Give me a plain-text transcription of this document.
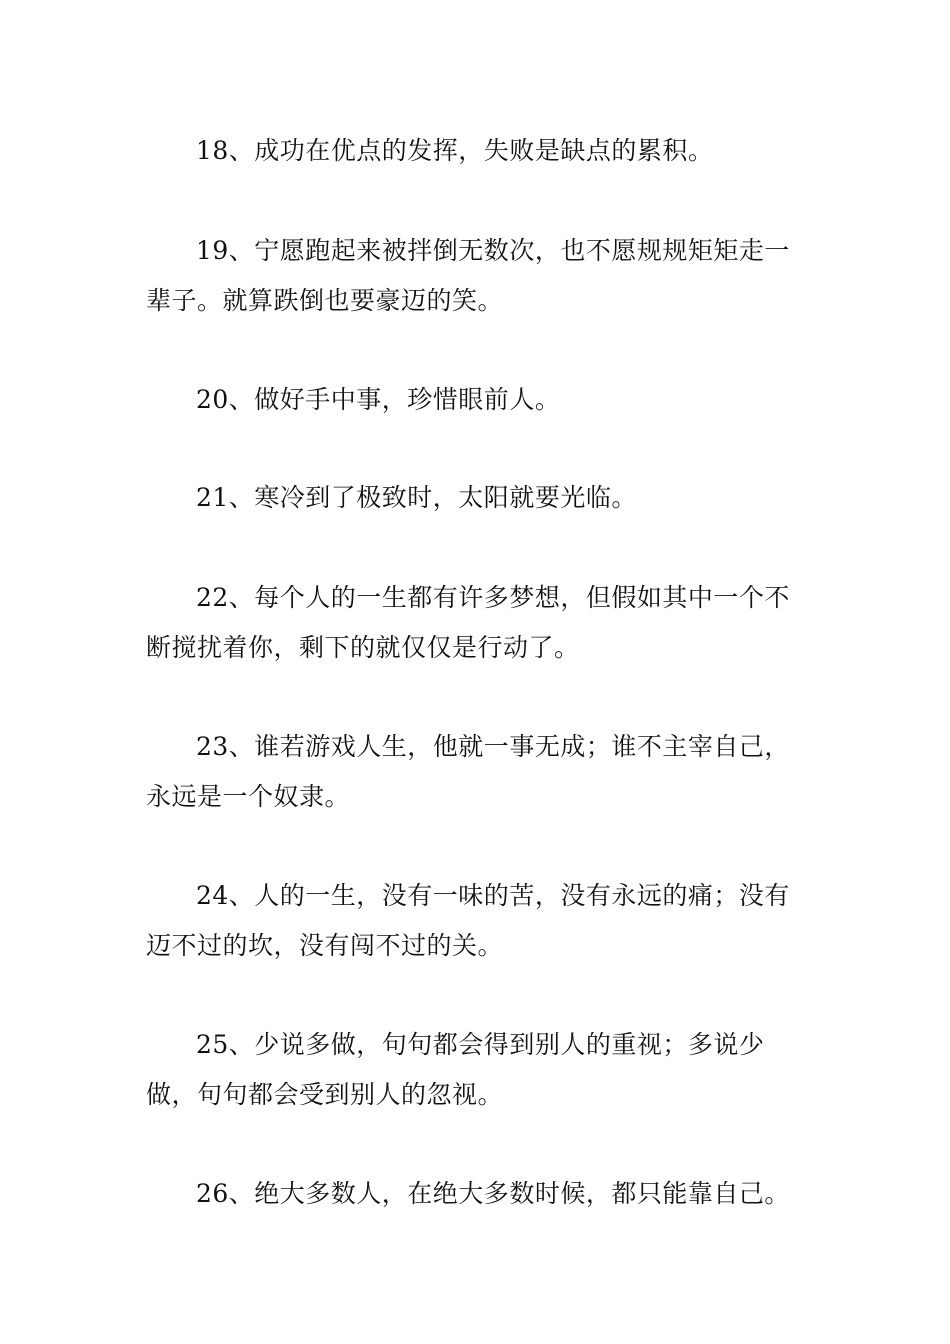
18、成功在优点的发挥，失败是缺点的累积。

19、宁愿跑起来被拌倒无数次，也不愿规规矩矩走一辈子。就算跌倒也要豪迈的笑。

20、做好手中事，珍惜眼前人。

21、寒冷到了极致时，太阳就要光临。

22、每个人的一生都有许多梦想，但假如其中一个不断搅扰着你，剩下的就仅仅是行动了。

23、谁若游戏人生，他就一事无成；谁不主宰自己，永远是一个奴隶。

24、人的一生，没有一味的苦，没有永远的痛；没有迈不过的坎，没有闯不过的关。

25、少说多做，句句都会得到别人的重视；多说少做，句句都会受到别人的忽视。

26、绝大多数人，在绝大多数时候，都只能靠自己。
